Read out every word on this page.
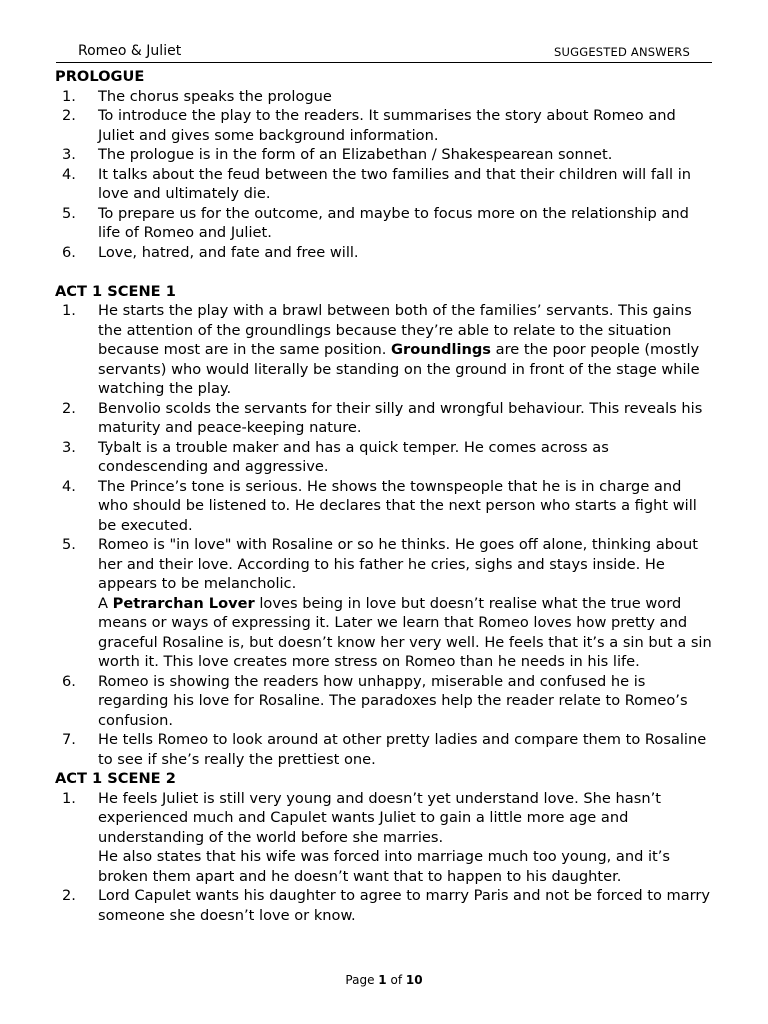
Romeo & Juliet	SUGGESTED ANSWERS
PROLOGUE
1. The chorus speaks the prologue
2. To introduce the play to the readers. It summarises the story about Romeo and Juliet and gives some background information.
3. The prologue is in the form of an Elizabethan / Shakespearean sonnet.
4. It talks about the feud between the two families and that their children will fall in love and ultimately die.
5. To prepare us for the outcome, and maybe to focus more on the relationship and life of Romeo and Juliet.
6. Love, hatred, and fate and free will.
ACT 1 SCENE 1
1. He starts the play with a brawl between both of the families’ servants. This gains the attention of the groundlings because they’re able to relate to the situation because most are in the same position. Groundlings are the poor people (mostly servants) who would literally be standing on the ground in front of the stage while watching the play.
2. Benvolio scolds the servants for their silly and wrongful behaviour. This reveals his maturity and peace-keeping nature.
3. Tybalt is a trouble maker and has a quick temper. He comes across as condescending and aggressive.
4. The Prince’s tone is serious. He shows the townspeople that he is in charge and who should be listened to. He declares that the next person who starts a fight will be executed.
5. Romeo is "in love" with Rosaline or so he thinks. He goes off alone, thinking about her and their love. According to his father he cries, sighs and stays inside. He appears to be melancholic.
A Petrarchan Lover loves being in love but doesn’t realise what the true word means or ways of expressing it. Later we learn that Romeo loves how pretty and graceful Rosaline is, but doesn’t know her very well. He feels that it’s a sin but a sin worth it. This love creates more stress on Romeo than he needs in his life.
6. Romeo is showing the readers how unhappy, miserable and confused he is regarding his love for Rosaline. The paradoxes help the reader relate to Romeo’s confusion.
7. He tells Romeo to look around at other pretty ladies and compare them to Rosaline to see if she’s really the prettiest one.
ACT 1 SCENE 2
1. He feels Juliet is still very young and doesn’t yet understand love. She hasn’t experienced much and Capulet wants Juliet to gain a little more age and understanding of the world before she marries.
He also states that his wife was forced into marriage much too young, and it’s broken them apart and he doesn’t want that to happen to his daughter.
2. Lord Capulet wants his daughter to agree to marry Paris and not be forced to marry someone she doesn’t love or know.
Page 1 of 10
